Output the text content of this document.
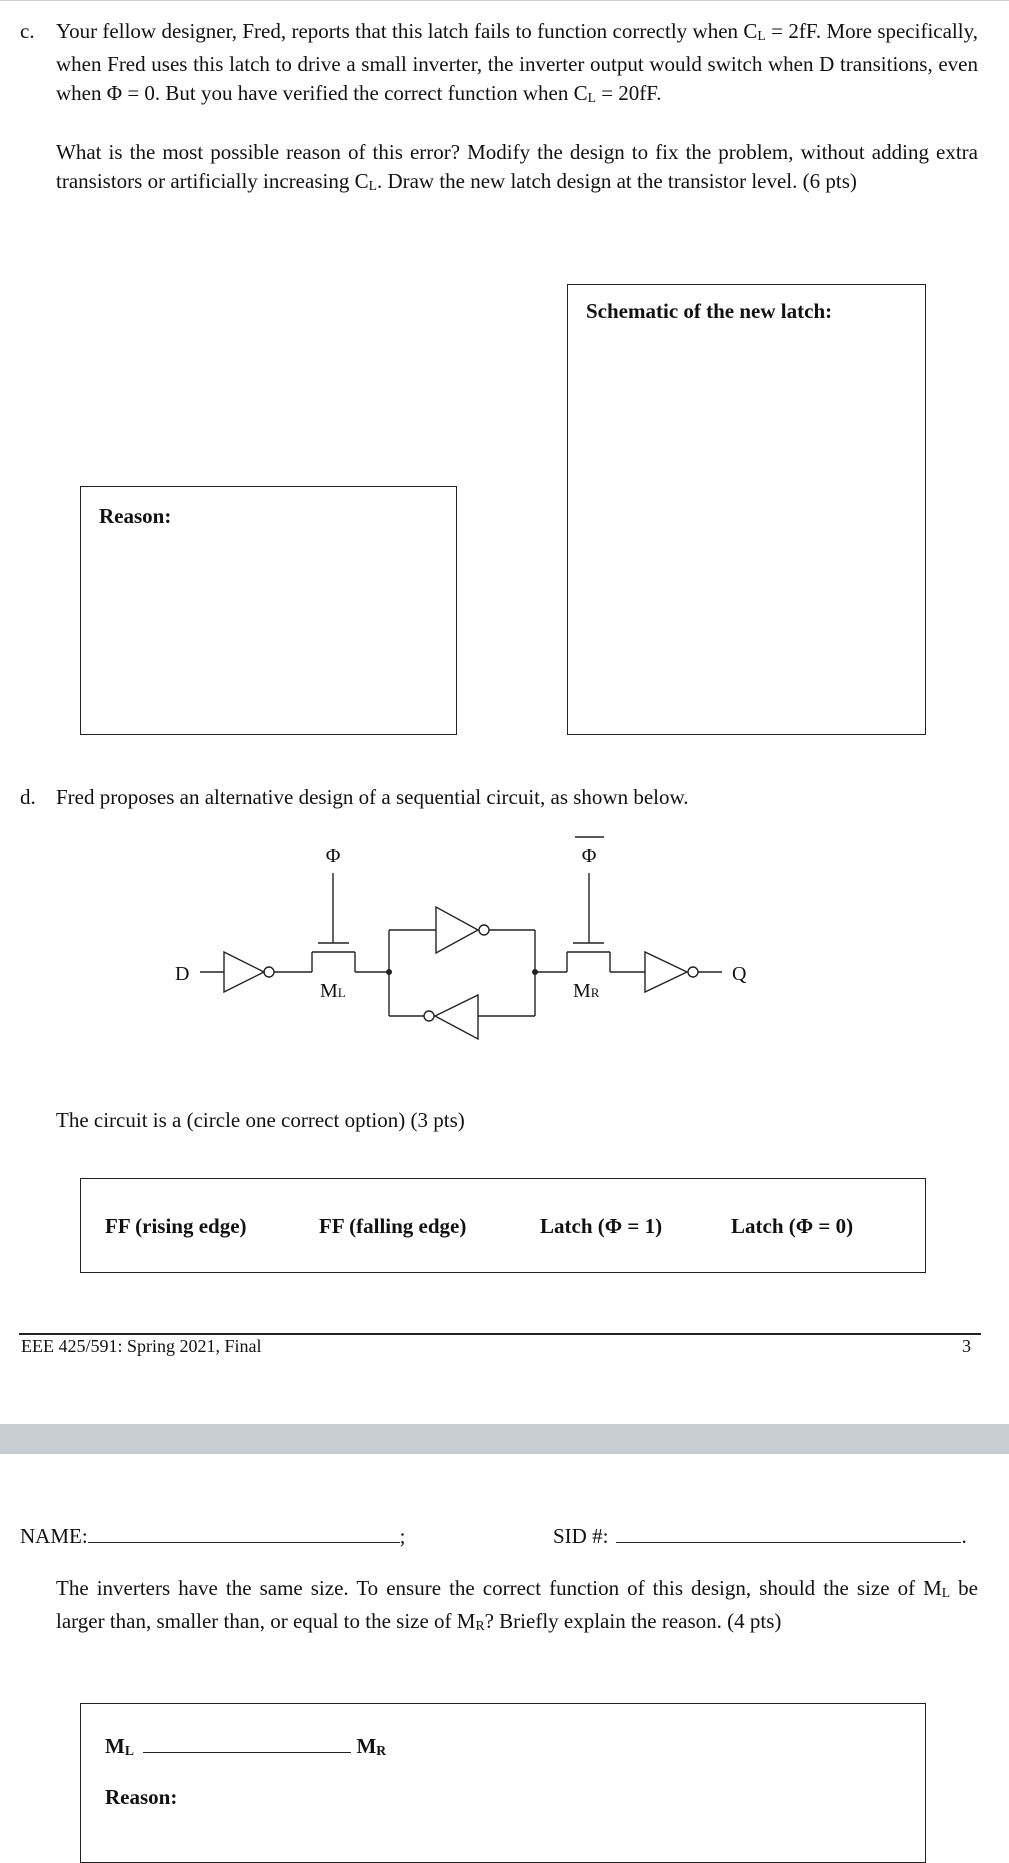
c. Your fellow designer, Fred, reports that this latch fails to function correctly when $C_L = 2fF$. More specifically, when Fred uses this latch to drive a small inverter, the inverter output would switch when D transitions, even when Φ = 0. But you have verified the correct function when $C_L = 20fF$.
What is the most possible reason of this error? Modify the design to fix the problem, without adding extra transistors or artificially increasing $C_L$. Draw the new latch design at the transistor level. (6 pts)
Schematic of the new latch:
Reason:
d. Fred proposes an alternative design of a sequential circuit, as shown below.
Φ	Φ
D	Q
ML	MR
The circuit is a (circle one correct option) (3 pts)
FF (rising edge)	FF (falling edge)	Latch (Φ = 1)	Latch (Φ = 0)
EEE 425/591: Spring 2021, Final	3
NAME:	;	SID #:	.
The inverters have the same size. To ensure the correct function of this design, should the size of $M_L$ be larger than, smaller than, or equal to the size of $M_R$? Briefly explain the reason. (4 pts)
$M_L$	$M_R$
Reason:
